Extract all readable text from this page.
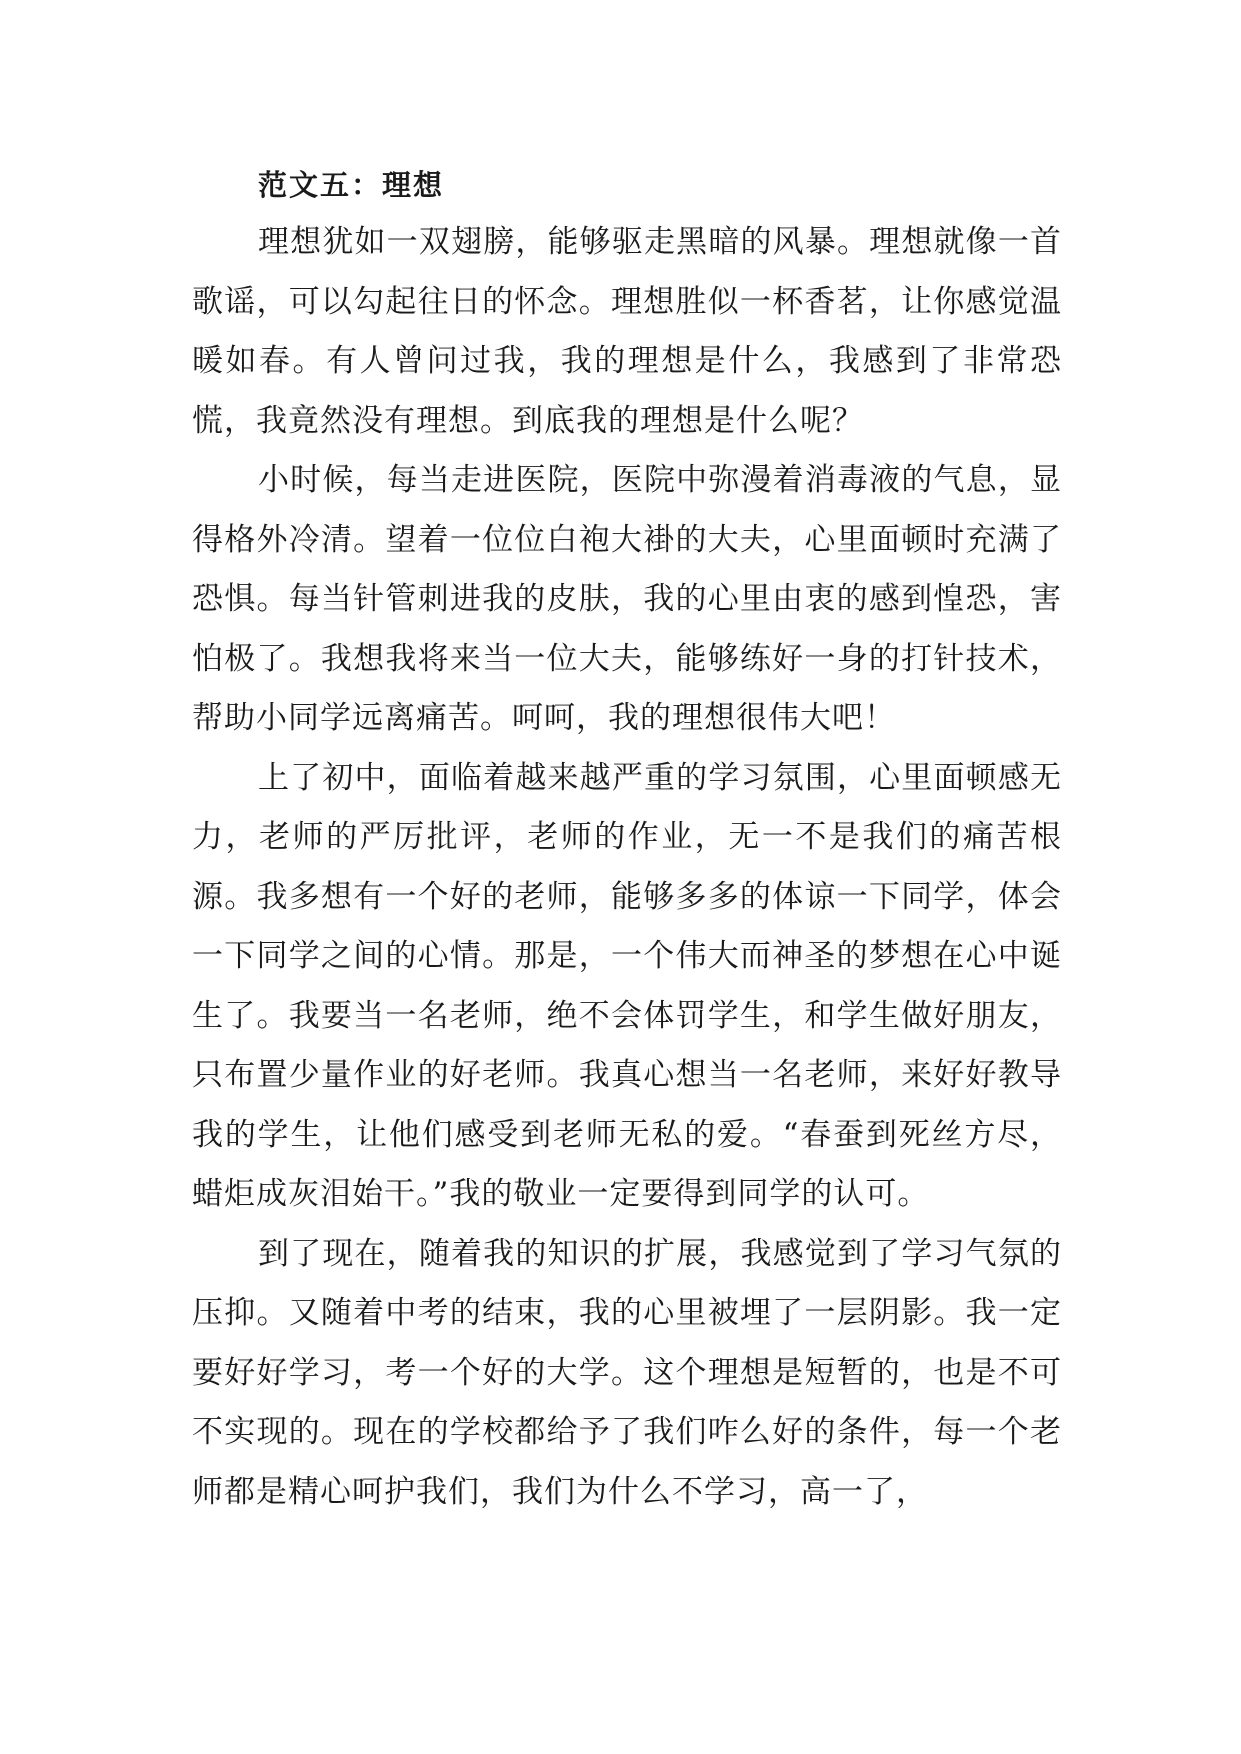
范文五：理想

理想犹如一双翅膀，能够驱走黑暗的风暴。理想就像一首歌谣，可以勾起往日的怀念。理想胜似一杯香茗，让你感觉温暖如春。有人曾问过我，我的理想是什么，我感到了非常恐慌，我竟然没有理想。到底我的理想是什么呢？

小时候，每当走进医院，医院中弥漫着消毒液的气息，显得格外冷清。望着一位位白袍大褂的大夫，心里面顿时充满了恐惧。每当针管刺进我的皮肤，我的心里由衷的感到惶恐，害怕极了。我想我将来当一位大夫，能够练好一身的打针技术，帮助小同学远离痛苦。呵呵，我的理想很伟大吧！

上了初中，面临着越来越严重的学习氛围，心里面顿感无力，老师的严厉批评，老师的作业，无一不是我们的痛苦根源。我多想有一个好的老师，能够多多的体谅一下同学，体会一下同学之间的心情。那是，一个伟大而神圣的梦想在心中诞生了。我要当一名老师，绝不会体罚学生，和学生做好朋友，只布置少量作业的好老师。我真心想当一名老师，来好好教导我的学生，让他们感受到老师无私的爱。“春蚕到死丝方尽，蜡炬成灰泪始干。”我的敬业一定要得到同学的认可。

到了现在，随着我的知识的扩展，我感觉到了学习气氛的压抑。又随着中考的结束，我的心里被埋了一层阴影。我一定要好好学习，考一个好的大学。这个理想是短暂的，也是不可不实现的。现在的学校都给予了我们咋么好的条件，每一个老师都是精心呵护我们，我们为什么不学习，高一了，
